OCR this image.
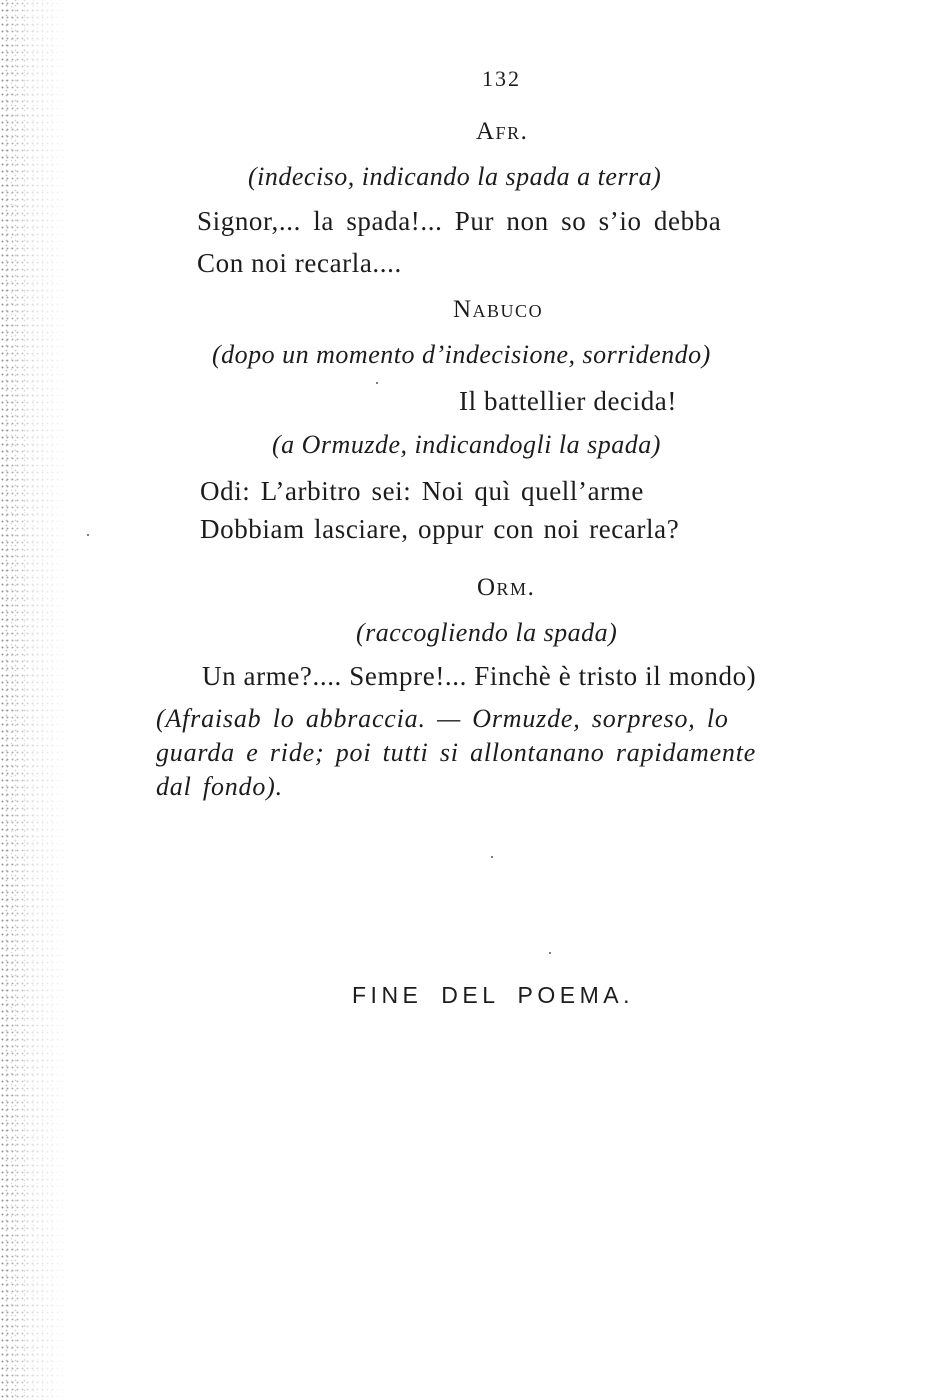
132
Afr.
(indeciso, indicando la spada a terra)
Signor,... la spada!... Pur non so s’io debba
Con noi recarla....
Nabuco
(dopo un momento d’indecisione, sorridendo)
Il battellier decida!
(a Ormuzde, indicandogli la spada)
Odi: L’arbitro sei: Noi quì quell’arme
Dobbiam lasciare, oppur con noi recarla?
Orm.
(raccogliendo la spada)
Un arme?.... Sempre!... Finchè è tristo il mondo)
(Afraisab lo abbraccia. — Ormuzde, sorpreso, lo
guarda e ride; poi tutti si allontanano rapidamente
dal fondo).
FINE DEL POEMA.
